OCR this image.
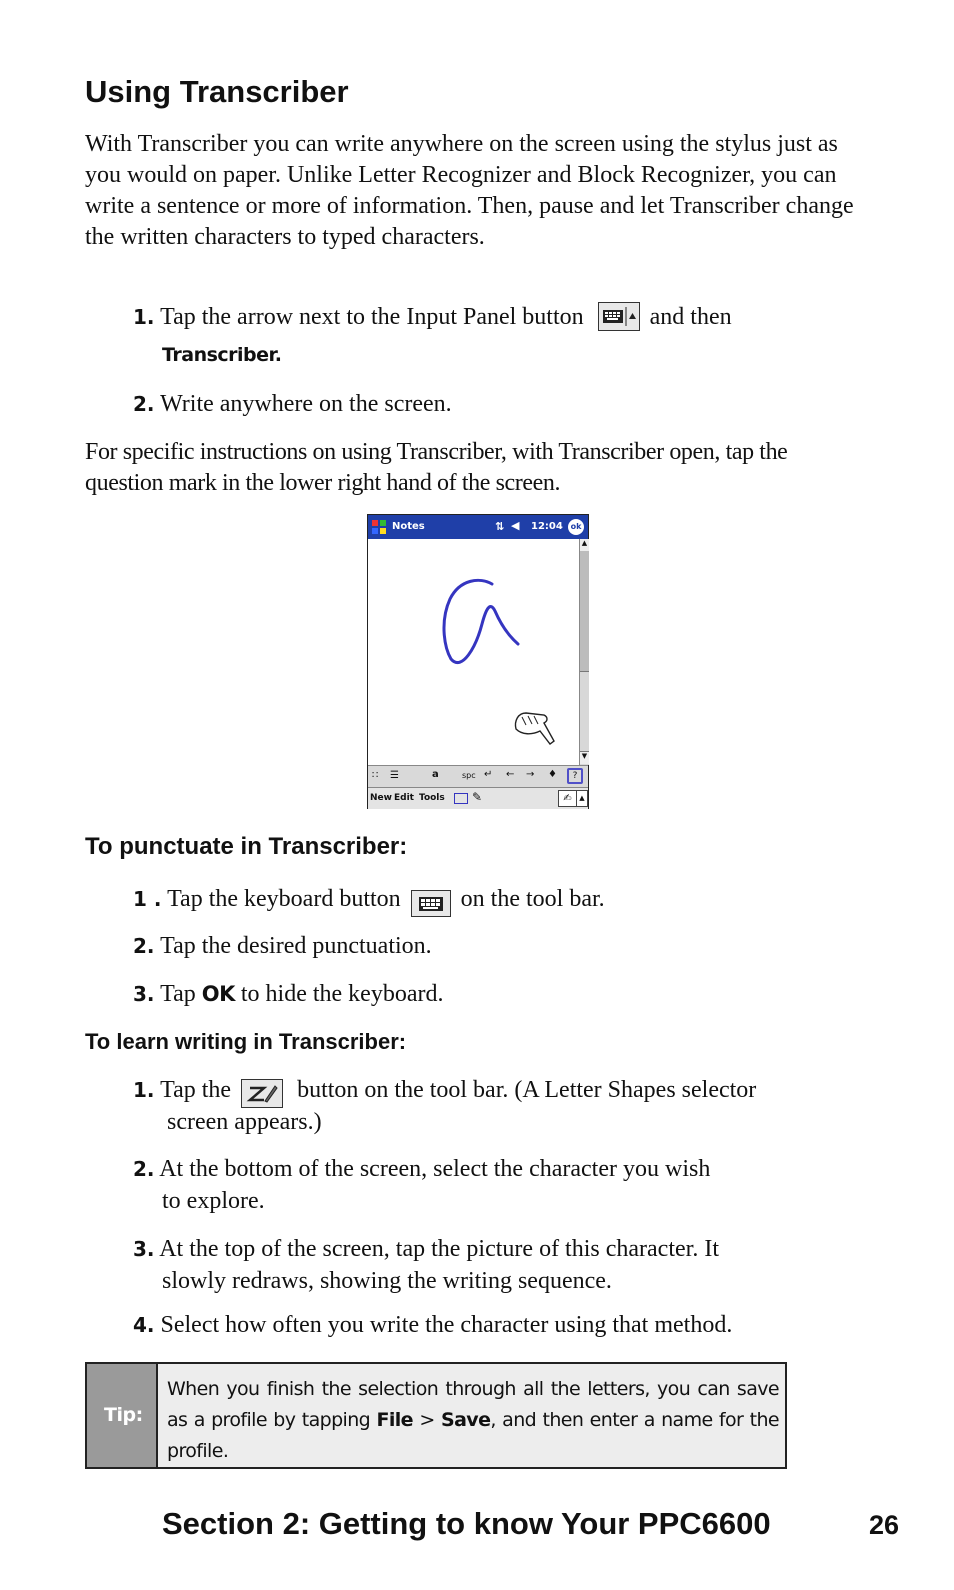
Using Transcriber
With Transcriber you can write anywhere on the screen using the stylus just as you would on paper. Unlike Letter Recognizer and Block Recognizer, you can write a sentence or more of information. Then, pause and let Transcriber change the written characters to typed characters.
1. Tap the arrow next to the Input Panel button	and then
Transcriber.
2. Write anywhere on the screen.
For specific instructions on using Transcriber, with Transcriber open, tap the question mark in the lower right hand of the screen.
Notes	⇅ ◀ 12:04 ok
▲
▼
∷ ☰	a	spc ↵ ← → ♦	?
New Edit Tools ✎	✍	▲
To punctuate in Transcriber:
1 . Tap the keyboard button	on the tool bar.
2. Tap the desired punctuation.
3. Tap OK to hide the keyboard.
To learn writing in Transcriber:
1. Tap the	button on the tool bar. (A Letter Shapes selector
screen appears.)
2. At the bottom of the screen, select the character you wish
to explore.
3. At the top of the screen, tap the picture of this character. It
slowly redraws, showing the writing sequence.
4. Select how often you write the character using that method.
Tip:
When you finish the selection through all the letters, you can save as a profile by tapping File > Save, and then enter a name for the profile.
Section 2: Getting to know Your PPC6600	26
